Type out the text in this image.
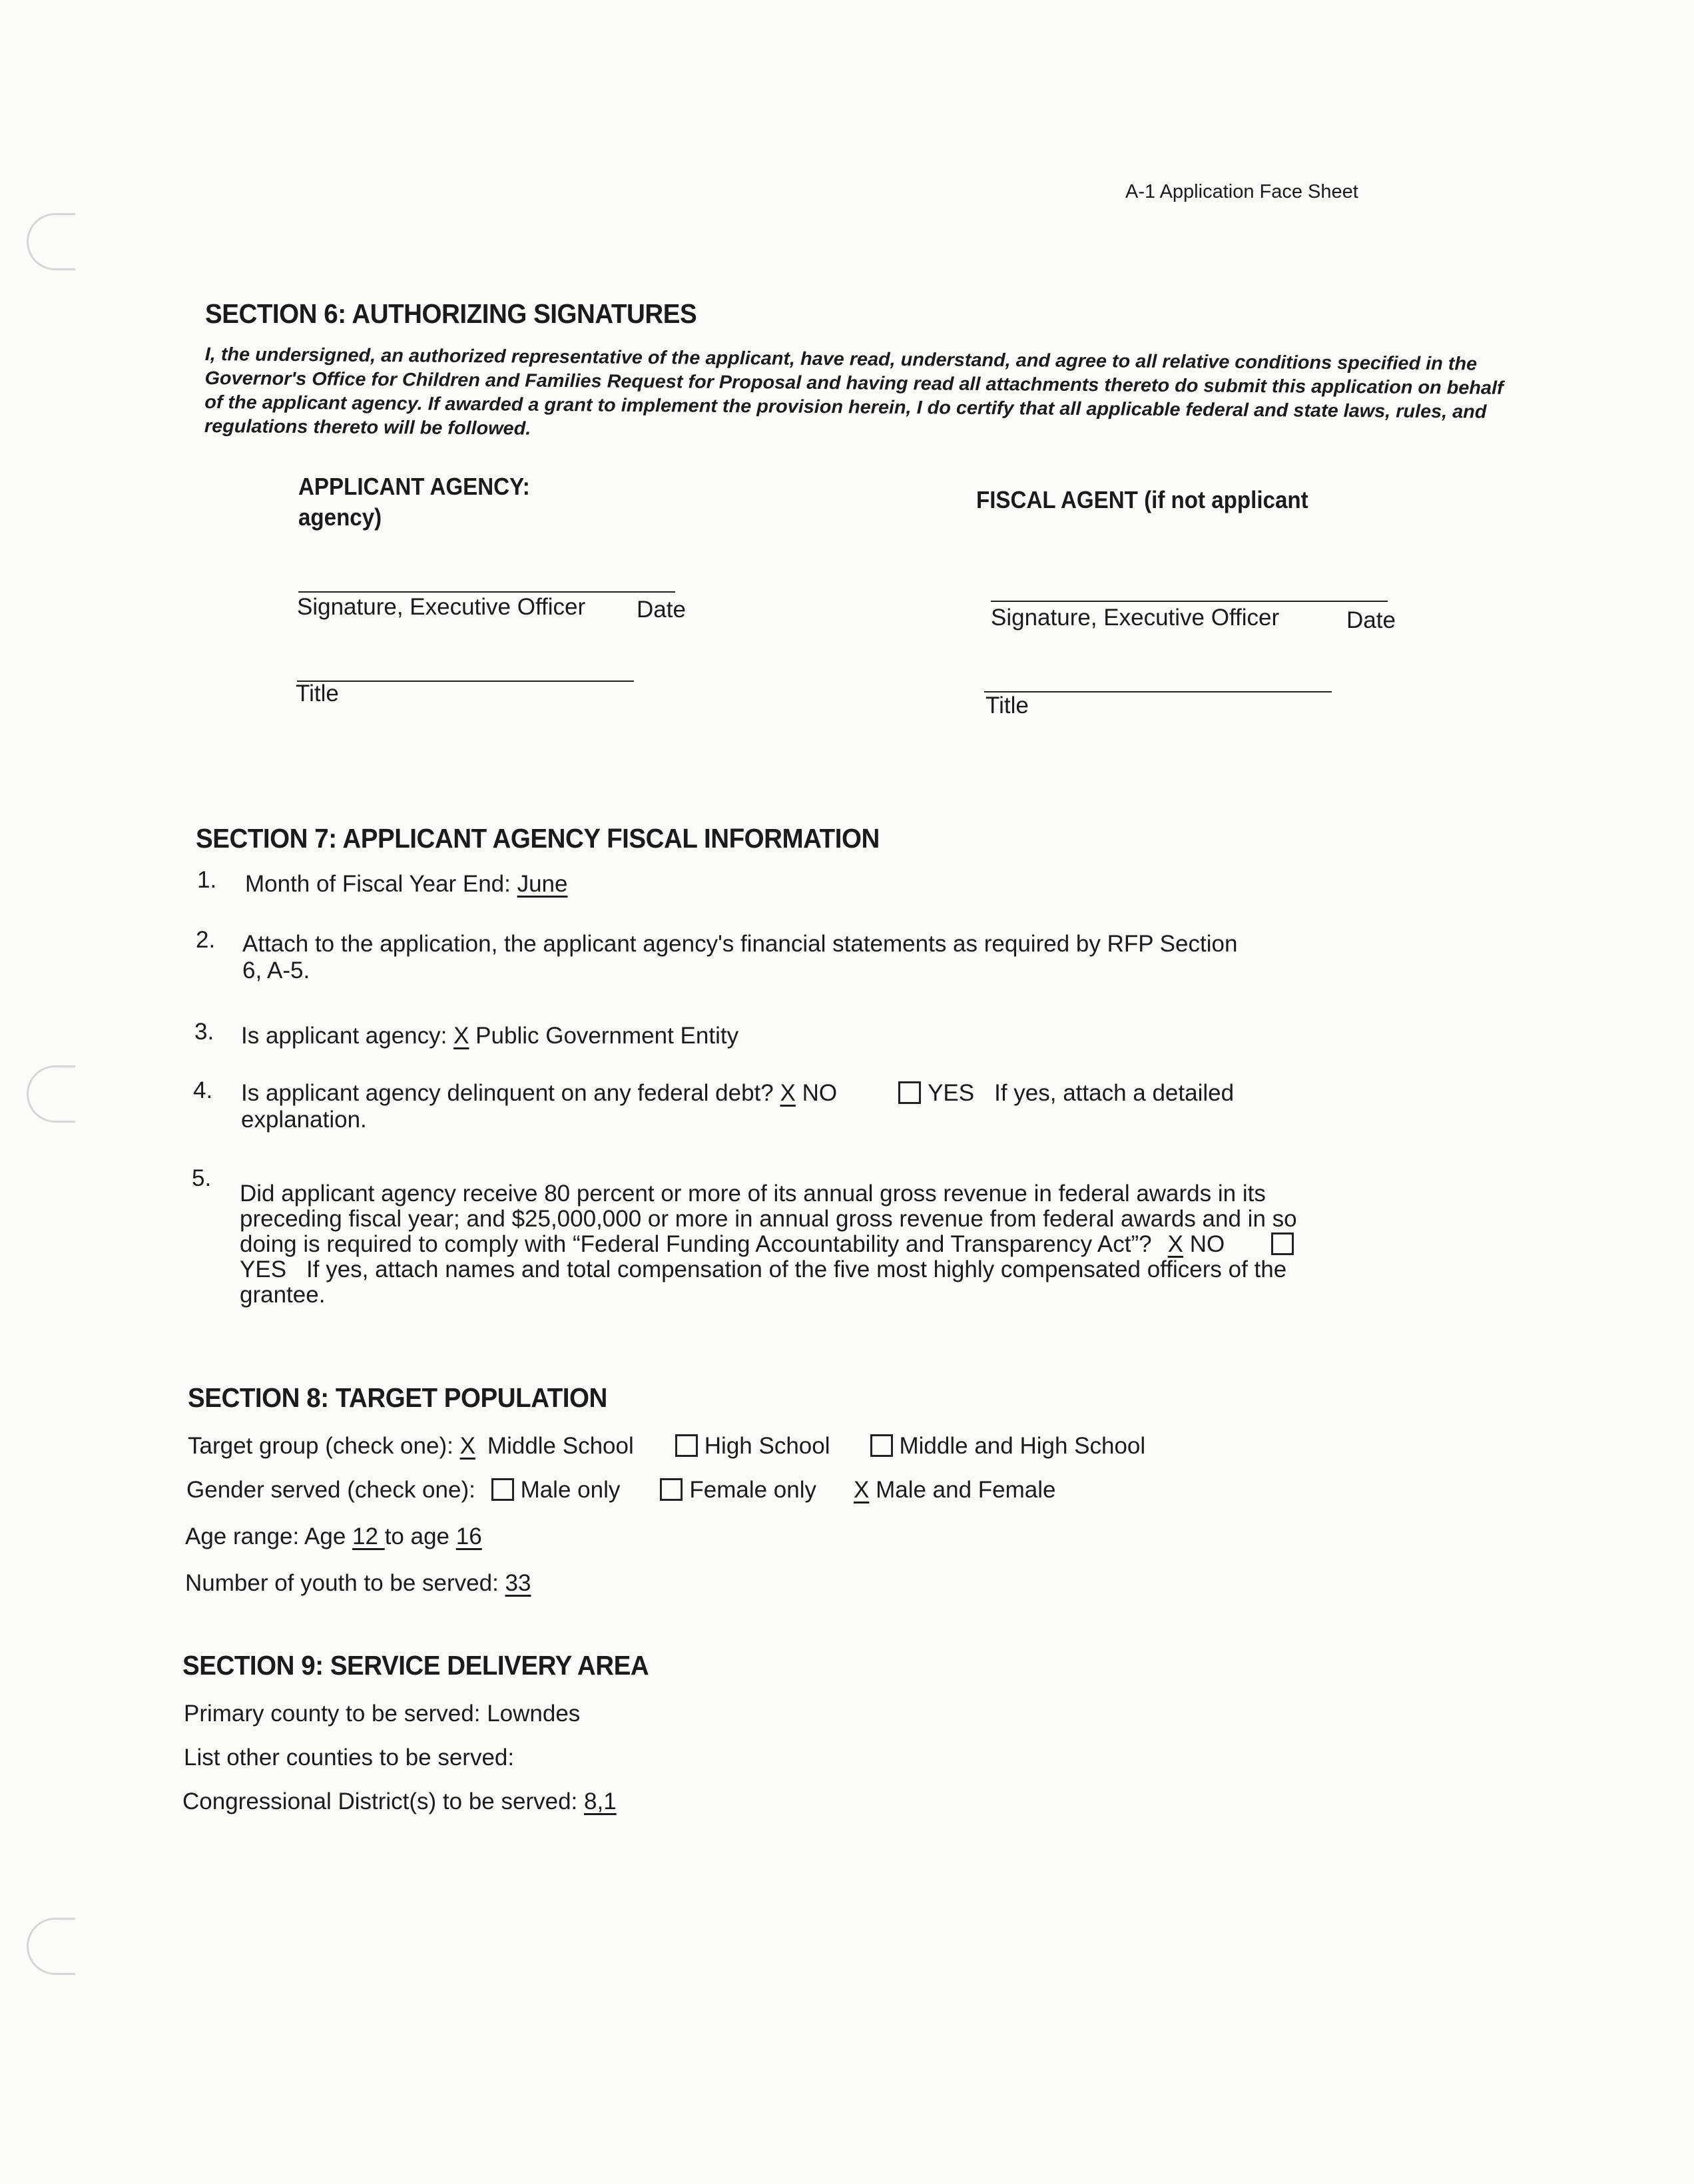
A-1 Application Face Sheet
SECTION 6: AUTHORIZING SIGNATURES
I, the undersigned, an authorized representative of the applicant, have read, understand, and agree to all relative conditions specified in the Governor's Office for Children and Families Request for Proposal and having read all attachments thereto do submit this application on behalf of the applicant agency. If awarded a grant to implement the provision herein, I do certify that all applicable federal and state laws, rules, and regulations thereto will be followed.
APPLICANT AGENCY:
agency)
FISCAL AGENT (if not applicant
Signature, Executive Officer Date
Title
Signature, Executive Officer	Date
Title
SECTION 7: APPLICANT AGENCY FISCAL INFORMATION
1. Month of Fiscal Year End: June
2. Attach to the application, the applicant agency's financial statements as required by RFP Section
6, A-5.
3. Is applicant agency: X Public Government Entity
4. Is applicant agency delinquent on any federal debt? X NO	YES If yes, attach a detailed
explanation.
5.
Did applicant agency receive 80 percent or more of its annual gross revenue in federal awards in its
preceding fiscal year; and $25,000,000 or more in annual gross revenue from federal awards and in so
doing is required to comply with “Federal Funding Accountability and Transparency Act”? X NO
YES If yes, attach names and total compensation of the five most highly compensated officers of the
grantee.
SECTION 8: TARGET POPULATION
Target group (check one): X Middle School	High School	Middle and High School
Gender served (check one): Male only	Female only X Male and Female
Age range: Age 12 to age 16
Number of youth to be served: 33
SECTION 9: SERVICE DELIVERY AREA
Primary county to be served: Lowndes
List other counties to be served:
Congressional District(s) to be served: 8,1
